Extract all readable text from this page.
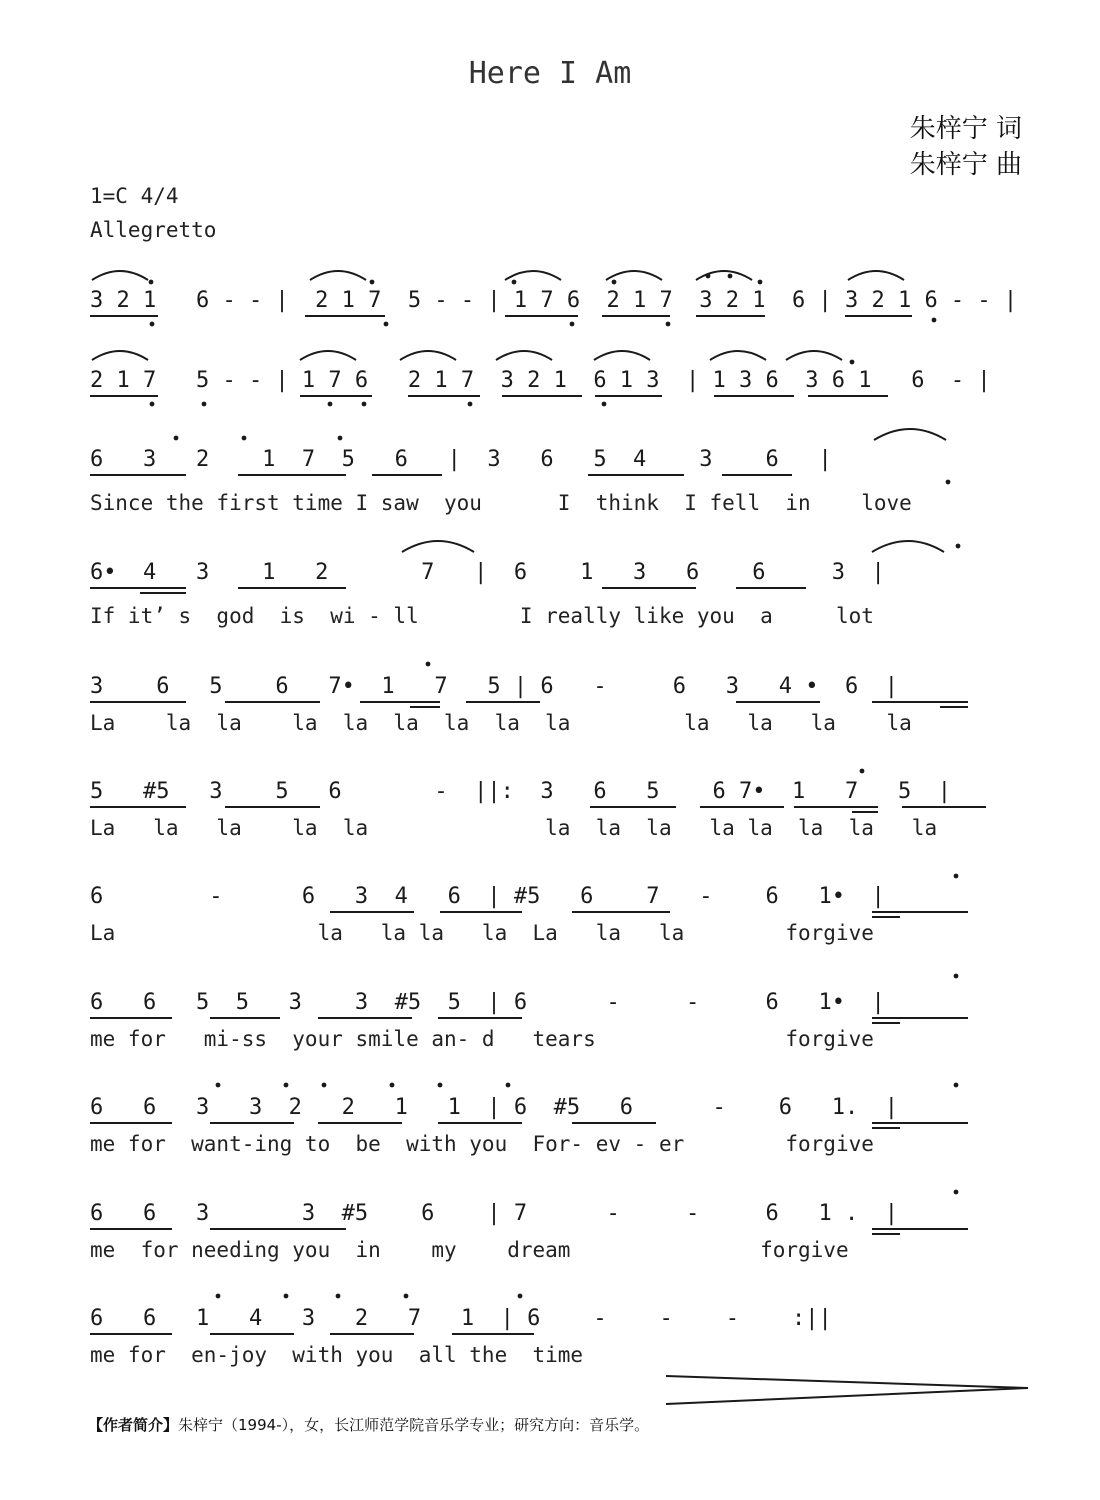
Here I Am
朱梓宁 词
朱梓宁 曲
1=C 4/4
Allegretto
3 2 1   6 - - |  2 1 7  5 - - | 1 7 6  2 1 7  3 2 1  6 | 3 2 1 6 - - |
2 1 7   5 - - | 1 7 6   2 1 7  3 2 1  6 1 3  | 1 3 6  3 6 1   6  - |
6   3   2    1  7  5   6   |  3   6   5  4    3    6   |
Since the first time I saw  you      I  think  I fell  in    love
6•  4   3    1   2       7   |  6    1   3   6    6     3  |
If it’ s  god  is  wi - ll        I really like you  a     lot
3    6   5    6   7•  1   7   5 | 6   -     6   3   4 •  6  |
La    la  la    la  la  la  la  la  la         la   la   la    la
5   #5   3    5   6       -  ||:  3   6   5    6 7•  1   7   5  |
La   la   la    la  la              la  la  la   la la  la  la   la
6        -      6   3  4   6  | #5   6    7   -    6   1•  |
La                la   la la   la  La   la   la        forgive
6   6   5  5   3    3  #5  5  | 6      -     -     6   1•  |
me for   mi-ss  your smile an- d   tears               forgive
6   6   3   3  2   2   1   1  | 6  #5   6      -    6   1.  |
me for  want-ing to  be  with you  For- ev - er        forgive
6   6   3       3  #5    6    | 7      -     -     6   1 .  |
me  for needing you  in    my    dream               forgive
6   6   1   4   3   2   7   1  | 6    -    -    -    :||
me for  en-joy  with you  all the  time
【作者简介】朱梓宁（1994-），女，长江师范学院音乐学专业；研究方向：音乐学。
